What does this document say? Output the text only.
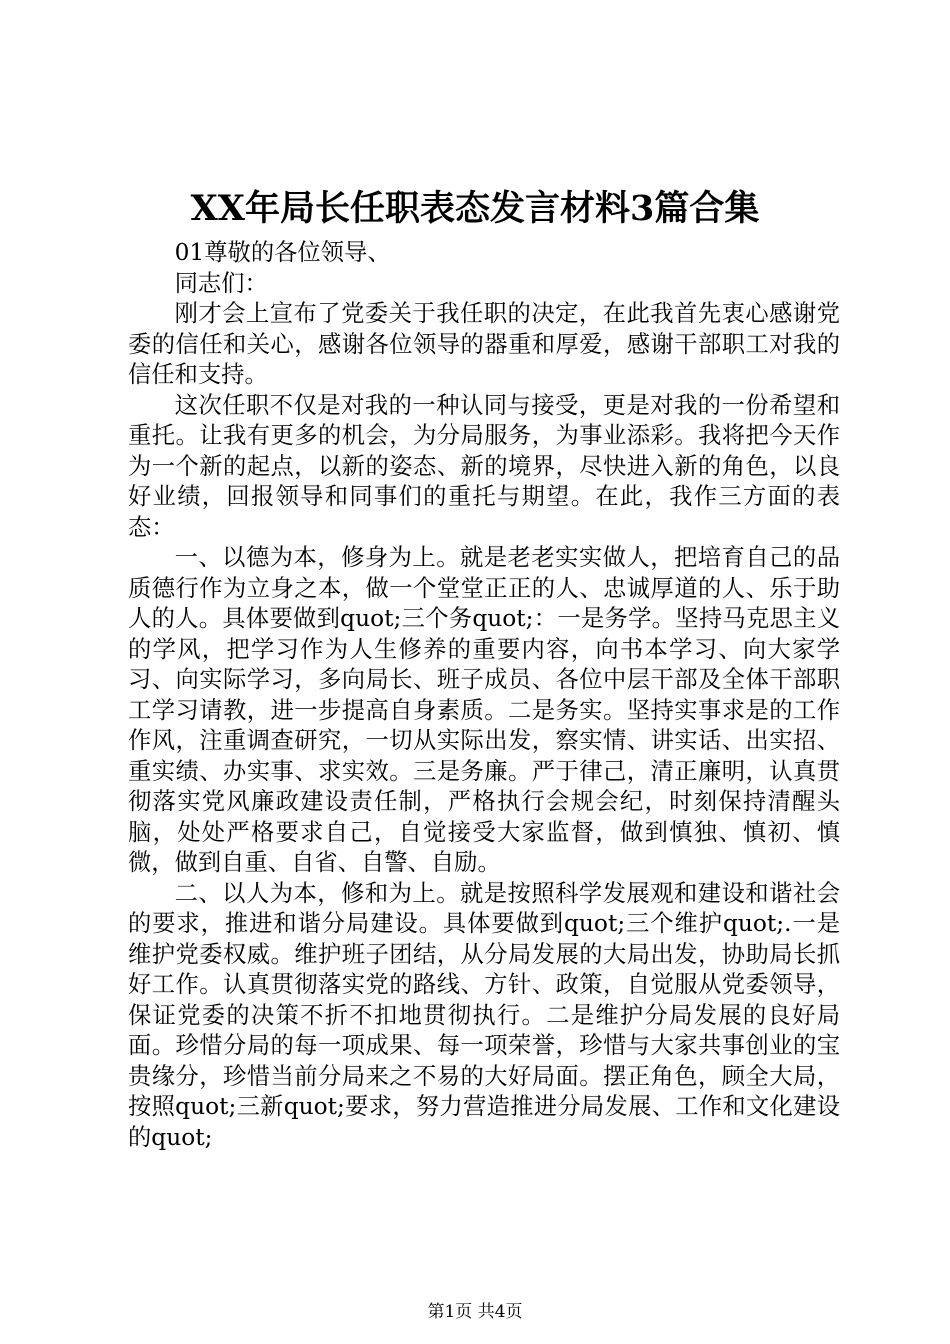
XX年局长任职表态发言材料3篇合集

01尊敬的各位领导、

同志们：

刚才会上宣布了党委关于我任职的决定，在此我首先衷心感谢党委的信任和关心，感谢各位领导的器重和厚爱，感谢干部职工对我的信任和支持。

这次任职不仅是对我的一种认同与接受，更是对我的一份希望和重托。让我有更多的机会，为分局服务，为事业添彩。我将把今天作为一个新的起点，以新的姿态、新的境界，尽快进入新的角色，以良好业绩，回报领导和同事们的重托与期望。在此，我作三方面的表态：

一、以德为本，修身为上。就是老老实实做人，把培育自己的品质德行作为立身之本，做一个堂堂正正的人、忠诚厚道的人、乐于助人的人。具体要做到quot;三个务quot;：一是务学。坚持马克思主义的学风，把学习作为人生修养的重要内容，向书本学习、向大家学习、向实际学习，多向局长、班子成员、各位中层干部及全体干部职工学习请教，进一步提高自身素质。二是务实。坚持实事求是的工作作风，注重调查研究，一切从实际出发，察实情、讲实话、出实招、重实绩、办实事、求实效。三是务廉。严于律己，清正廉明，认真贯彻落实党风廉政建设责任制，严格执行会规会纪，时刻保持清醒头脑，处处严格要求自己，自觉接受大家监督，做到慎独、慎初、慎微，做到自重、自省、自警、自励。

二、以人为本，修和为上。就是按照科学发展观和建设和谐社会的要求，推进和谐分局建设。具体要做到quot;三个维护quot;.一是维护党委权威。维护班子团结，从分局发展的大局出发，协助局长抓好工作。认真贯彻落实党的路线、方针、政策，自觉服从党委领导，保证党委的决策不折不扣地贯彻执行。二是维护分局发展的良好局面。珍惜分局的每一项成果、每一项荣誉，珍惜与大家共事创业的宝贵缘分，珍惜当前分局来之不易的大好局面。摆正角色，顾全大局，按照quot;三新quot;要求，努力营造推进分局发展、工作和文化建设的quot;

第1页 共4页
